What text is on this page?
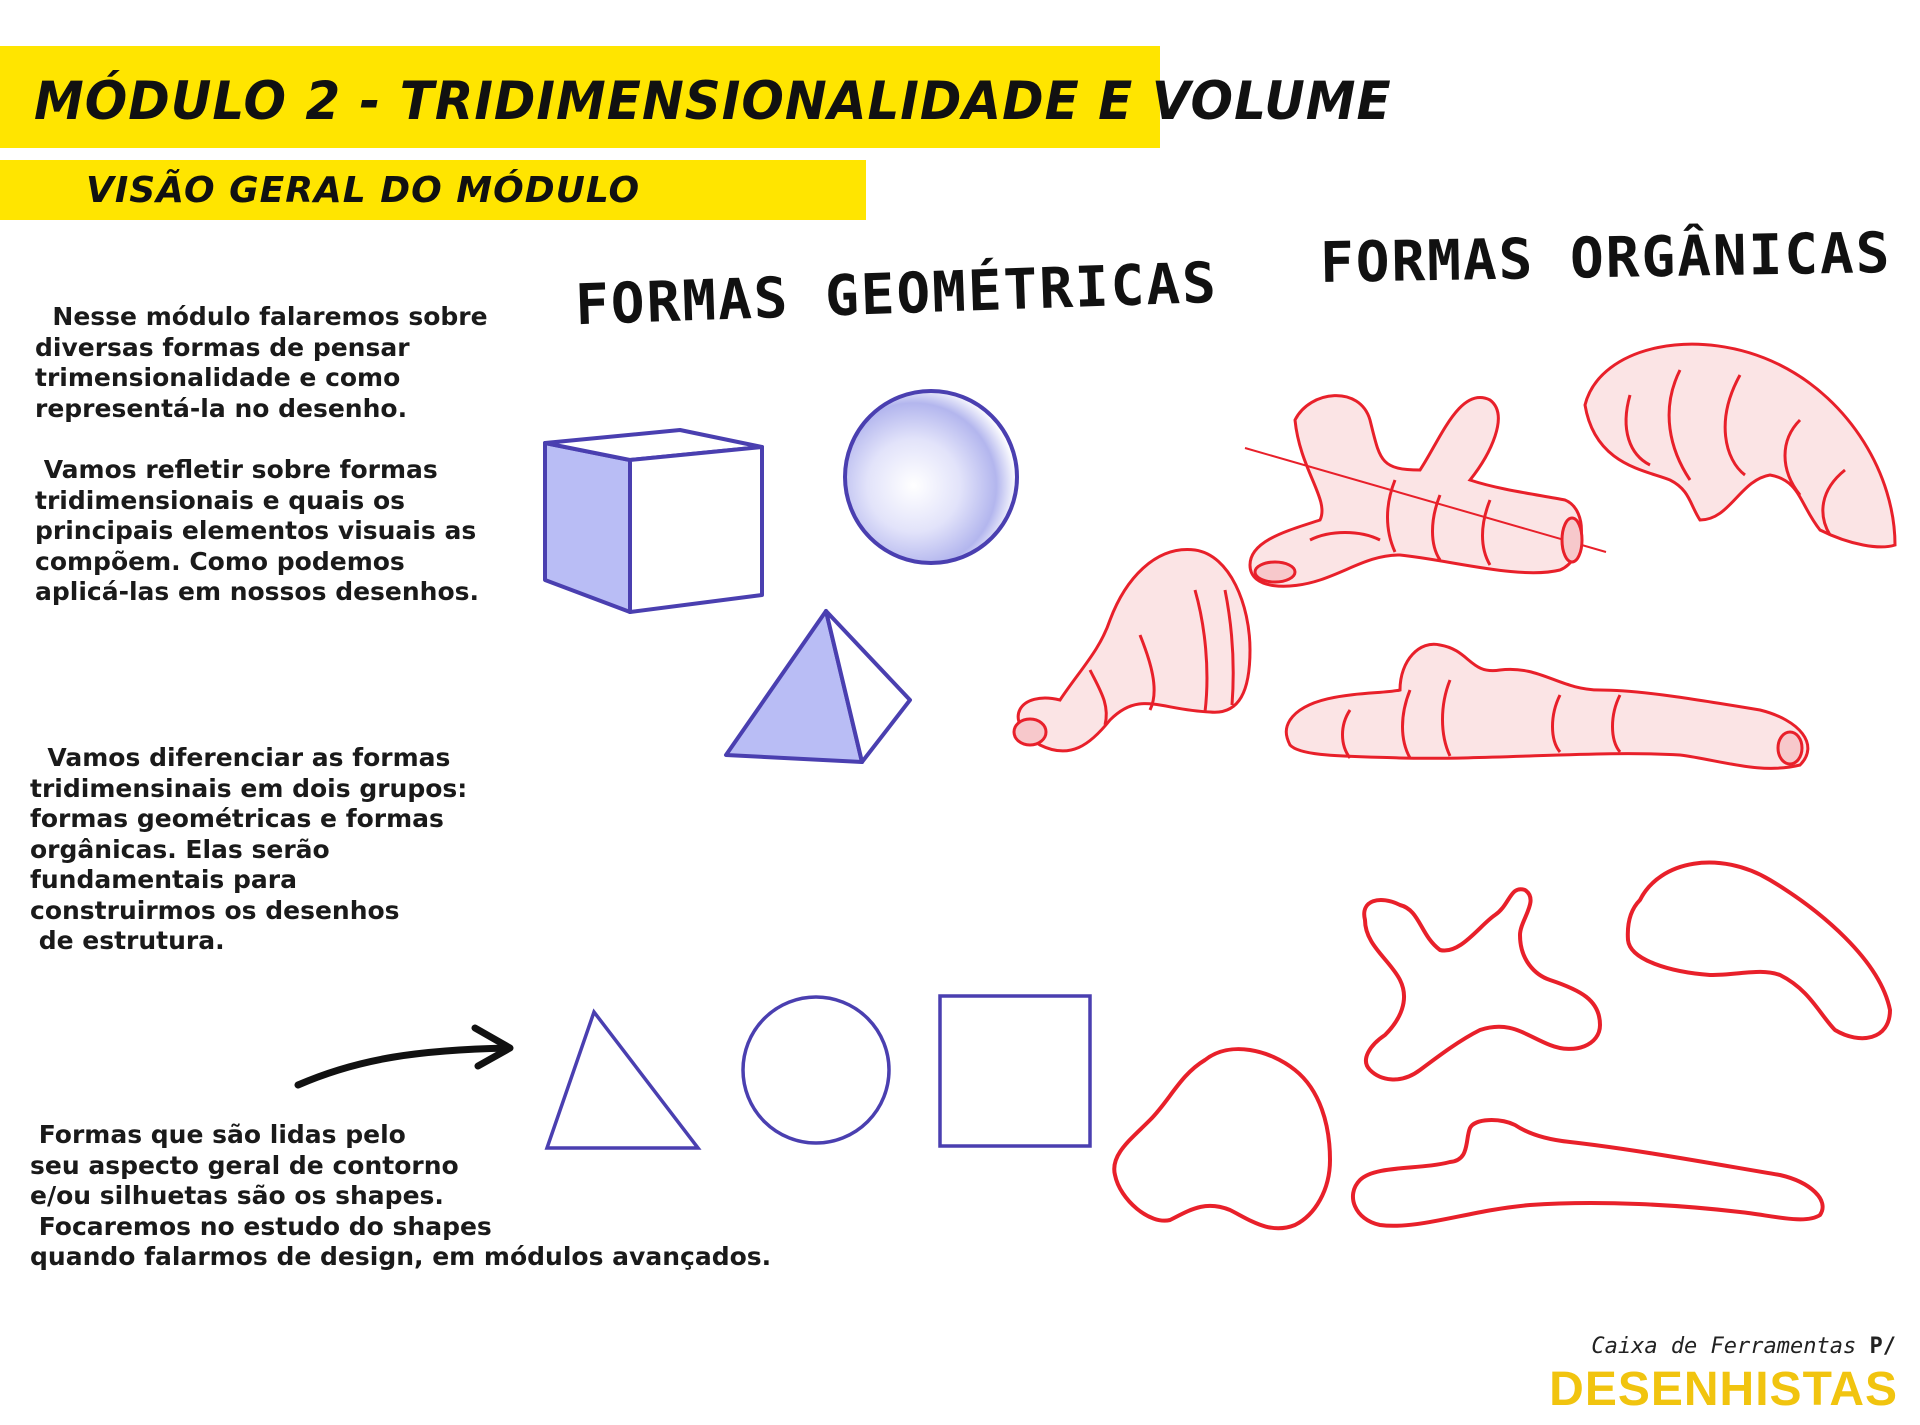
MÓDULO 2 - TRIDIMENSIONALIDADE E VOLUME
VISÃO GERAL DO MÓDULO
FORMAS GEOMÉTRICAS FORMAS ORGÂNICAS
Nesse módulo falaremos sobre
diversas formas de pensar
trimensionalidade e como
representá-la no desenho.
Vamos refletir sobre formas
tridimensionais e quais os
principais elementos visuais as
compõem. Como podemos
aplicá-las em nossos desenhos.
Vamos diferenciar as formas
tridimensinais em dois grupos:
formas geométricas e formas
orgânicas. Elas serão
fundamentais para
construirmos os desenhos
de estrutura.
Formas que são lidas pelo
seu aspecto geral de contorno
e/ou silhuetas são os shapes.
Focaremos no estudo do shapes
quando falarmos de design, em módulos avançados.
Caixa de Ferramentas P/
DESENHISTAS
